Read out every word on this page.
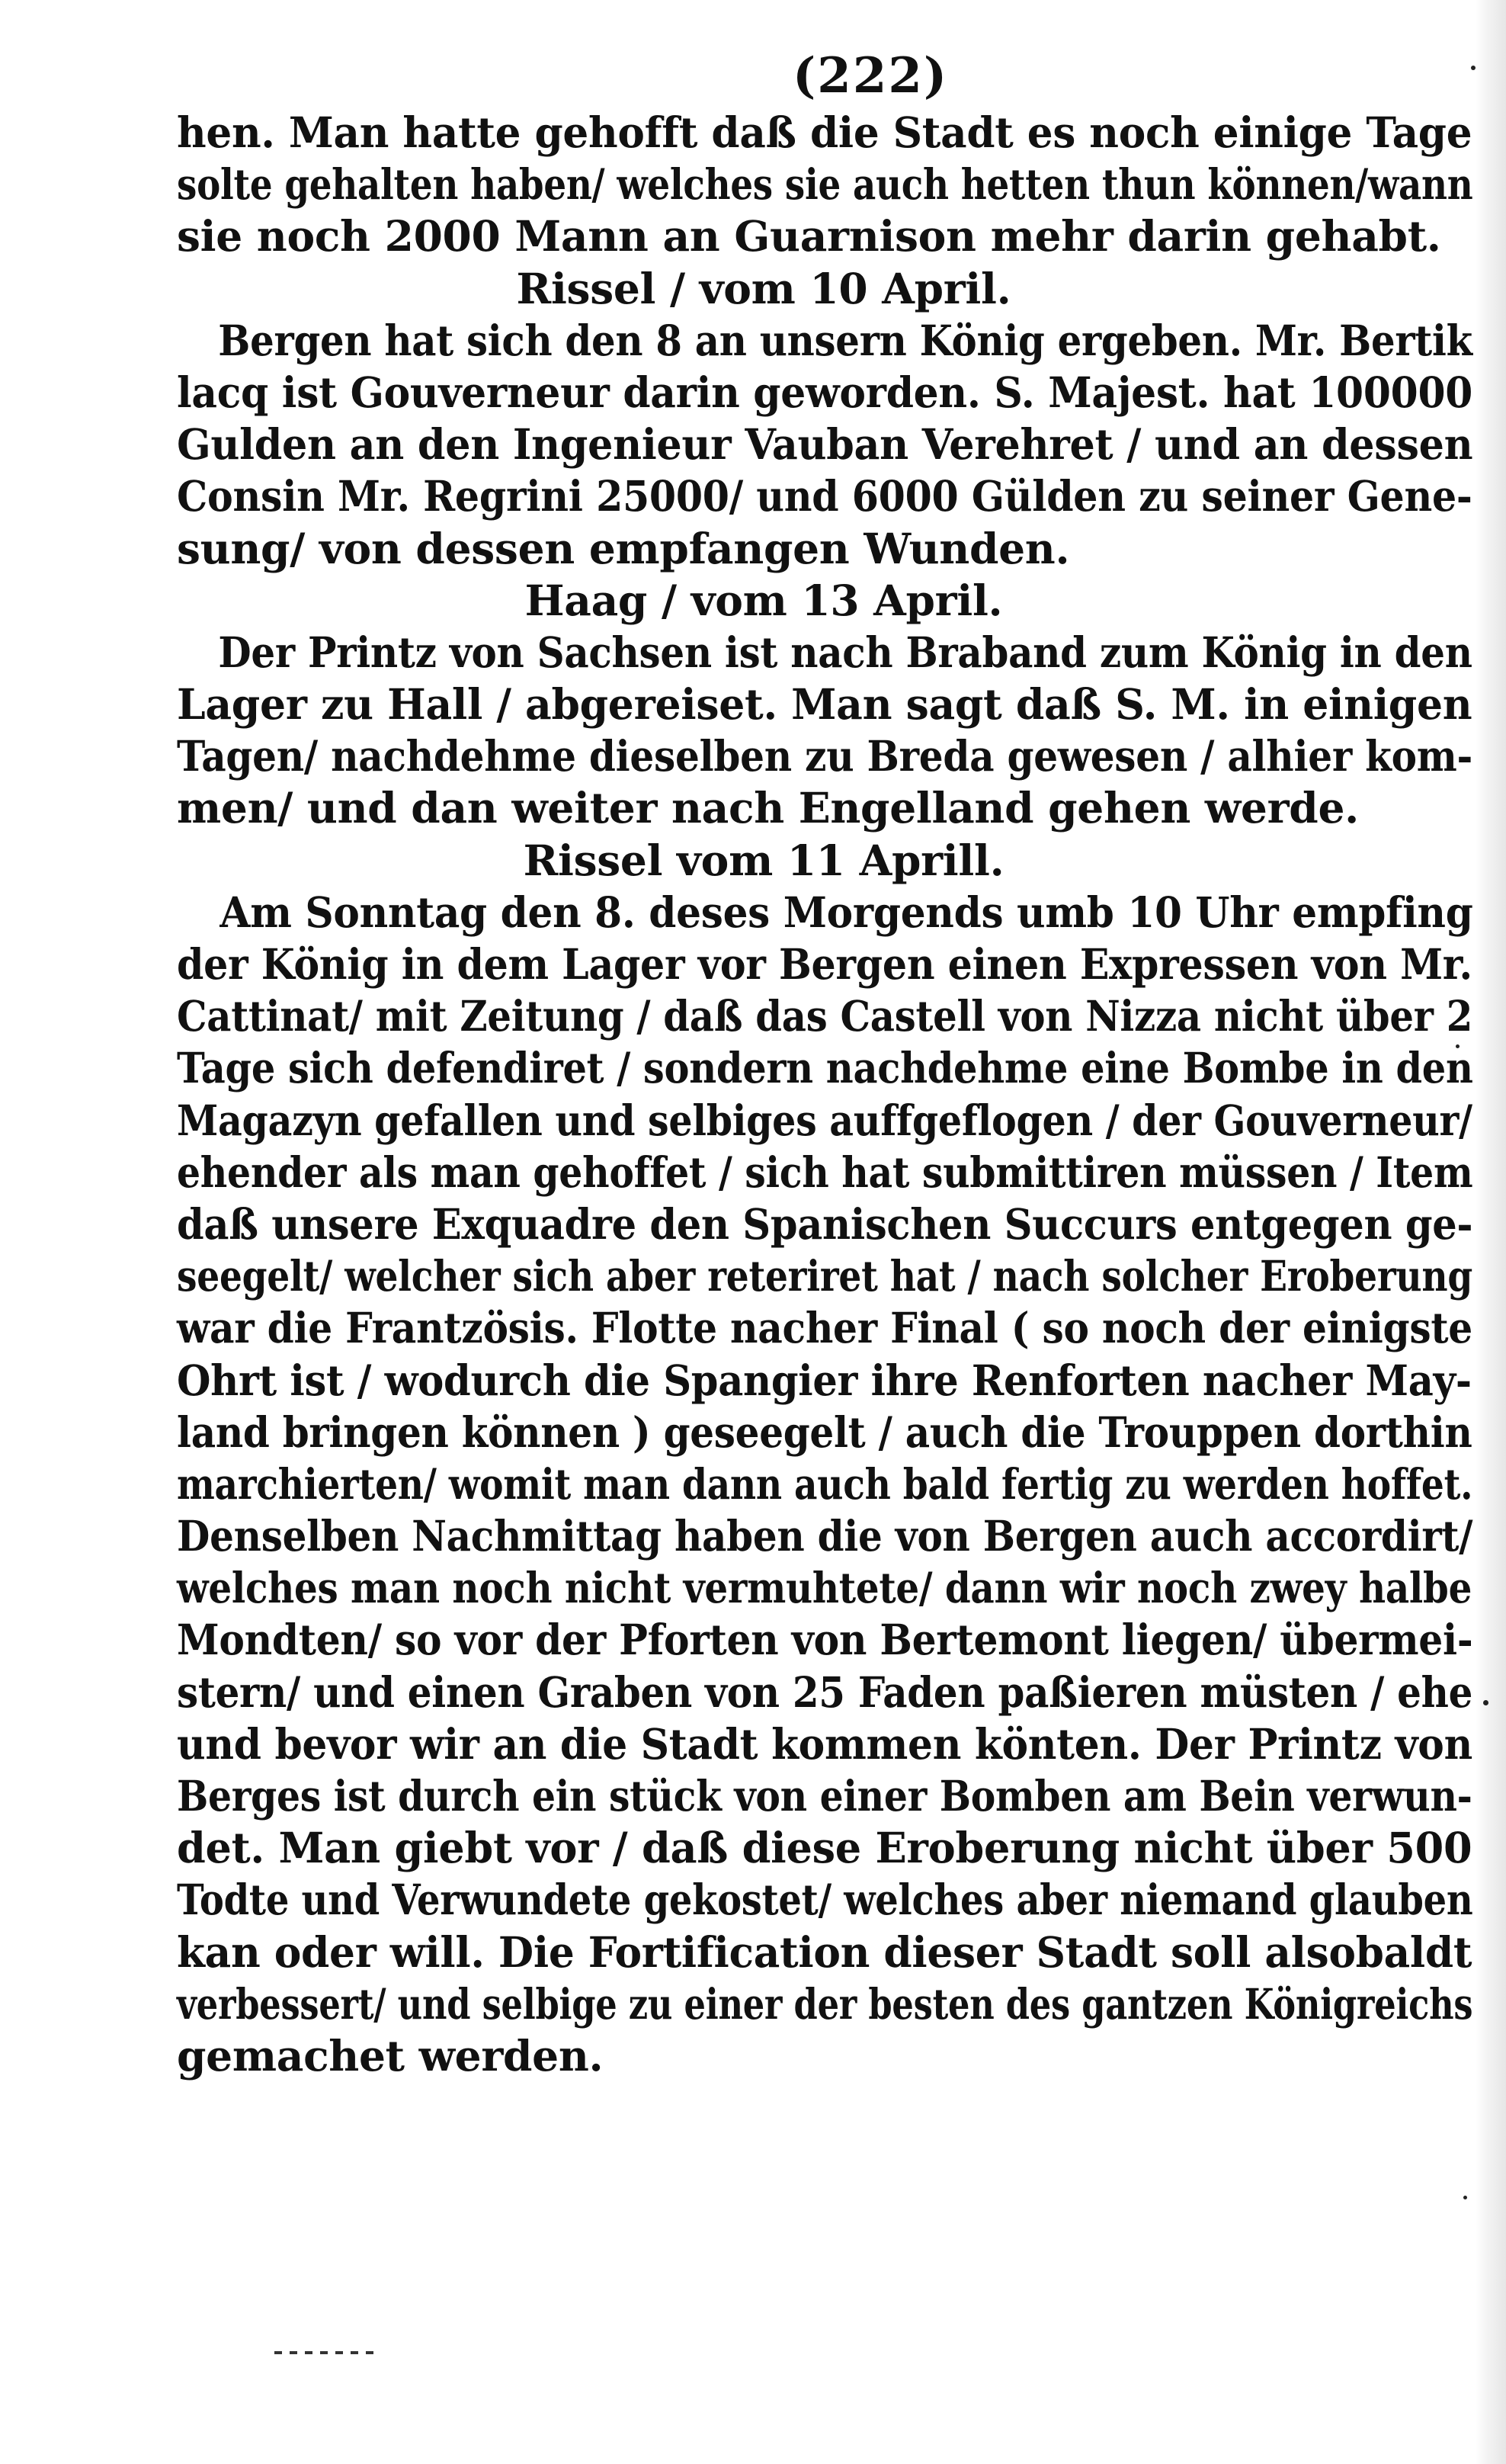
(222)
hen. Man hatte gehofft daß die Stadt es noch einige Tage
solte gehalten haben/ welches sie auch hetten thun können/wann
sie noch 2000 Mann an Guarnison mehr darin gehabt.
Rissel / vom 10 April.
Bergen hat sich den 8 an unsern König ergeben. Mr. Bertik
lacq ist Gouverneur darin geworden. S. Majest. hat 100000
Gulden an den Ingenieur Vauban Verehret / und an dessen
Consin Mr. Regrini 25000/ und 6000 Gülden zu seiner Gene-
sung/ von dessen empfangen Wunden.
Haag / vom 13 April.
Der Printz von Sachsen ist nach Braband zum König in den
Lager zu Hall / abgereiset. Man sagt daß S. M. in einigen
Tagen/ nachdehme dieselben zu Breda gewesen / alhier kom-
men/ und dan weiter nach Engelland gehen werde.
Rissel vom 11 Aprill.
Am Sonntag den 8. deses Morgends umb 10 Uhr empfing
der König in dem Lager vor Bergen einen Expressen von Mr.
Cattinat/ mit Zeitung / daß das Castell von Nizza nicht über 2
Tage sich defendiret / sondern nachdehme eine Bombe in den
Magazyn gefallen und selbiges auffgeflogen / der Gouverneur/
ehender als man gehoffet / sich hat submittiren müssen / Item
daß unsere Exquadre den Spanischen Succurs entgegen ge-
seegelt/ welcher sich aber reteriret hat / nach solcher Eroberung
war die Frantzösis. Flotte nacher Final ( so noch der einigste
Ohrt ist / wodurch die Spangier ihre Renforten nacher May-
land bringen können ) geseegelt / auch die Trouppen dorthin
marchierten/ womit man dann auch bald fertig zu werden hoffet.
Denselben Nachmittag haben die von Bergen auch accordirt/
welches man noch nicht vermuhtete/ dann wir noch zwey halbe
Mondten/ so vor der Pforten von Bertemont liegen/ übermei-
stern/ und einen Graben von 25 Faden paßieren müsten / ehe
und bevor wir an die Stadt kommen könten. Der Printz von
Berges ist durch ein stück von einer Bomben am Bein verwun-
det. Man giebt vor / daß diese Eroberung nicht über 500
Todte und Verwundete gekostet/ welches aber niemand glauben
kan oder will. Die Fortification dieser Stadt soll alsobaldt
verbessert/ und selbige zu einer der besten des gantzen Königreichs
gemachet werden.
